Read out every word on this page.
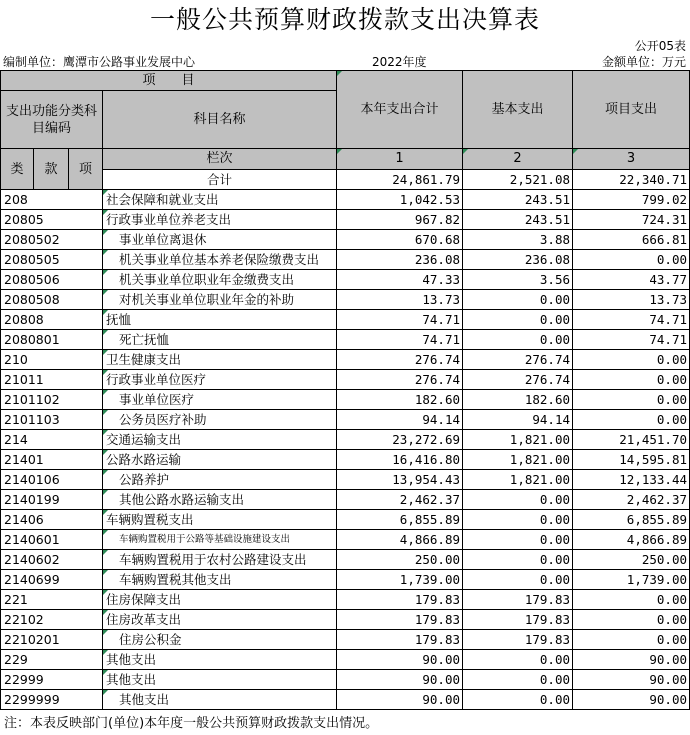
一般公共预算财政拨款支出决算表
公开05表
编制单位：鹰潭市公路事业发展中心	2022年度	金额单位：万元
项　　目				本年支出合计	基本支出	项目支出
支出功能分类科目编码			科目名称			

类	款	项	栏次	1	2	3
			合计	24,861.79	2,521.08	22,340.71
208			社会保障和就业支出	1,042.53	243.51	799.02
20805			行政事业单位养老支出	967.82	243.51	724.31
2080502			事业单位离退休	670.68	3.88	666.81
2080505			机关事业单位基本养老保险缴费支出	236.08	236.08	0.00
2080506			机关事业单位职业年金缴费支出	47.33	3.56	43.77
2080508			对机关事业单位职业年金的补助	13.73	0.00	13.73
20808			抚恤	74.71	0.00	74.71
2080801			死亡抚恤	74.71	0.00	74.71
210			卫生健康支出	276.74	276.74	0.00
21011			行政事业单位医疗	276.74	276.74	0.00
2101102			事业单位医疗	182.60	182.60	0.00
2101103			公务员医疗补助	94.14	94.14	0.00
214			交通运输支出	23,272.69	1,821.00	21,451.70
21401			公路水路运输	16,416.80	1,821.00	14,595.81
2140106			公路养护	13,954.43	1,821.00	12,133.44
2140199			其他公路水路运输支出	2,462.37	0.00	2,462.37
21406			车辆购置税支出	6,855.89	0.00	6,855.89
2140601			车辆购置税用于公路等基础设施建设支出	4,866.89	0.00	4,866.89
2140602			车辆购置税用于农村公路建设支出	250.00	0.00	250.00
2140699			车辆购置税其他支出	1,739.00	0.00	1,739.00
221			住房保障支出	179.83	179.83	0.00
22102			住房改革支出	179.83	179.83	0.00
2210201			住房公积金	179.83	179.83	0.00
229			其他支出	90.00	0.00	90.00
22999			其他支出	90.00	0.00	90.00
2299999			其他支出	90.00	0.00	90.00
注：本表反映部门(单位)本年度一般公共预算财政拨款支出情况。
